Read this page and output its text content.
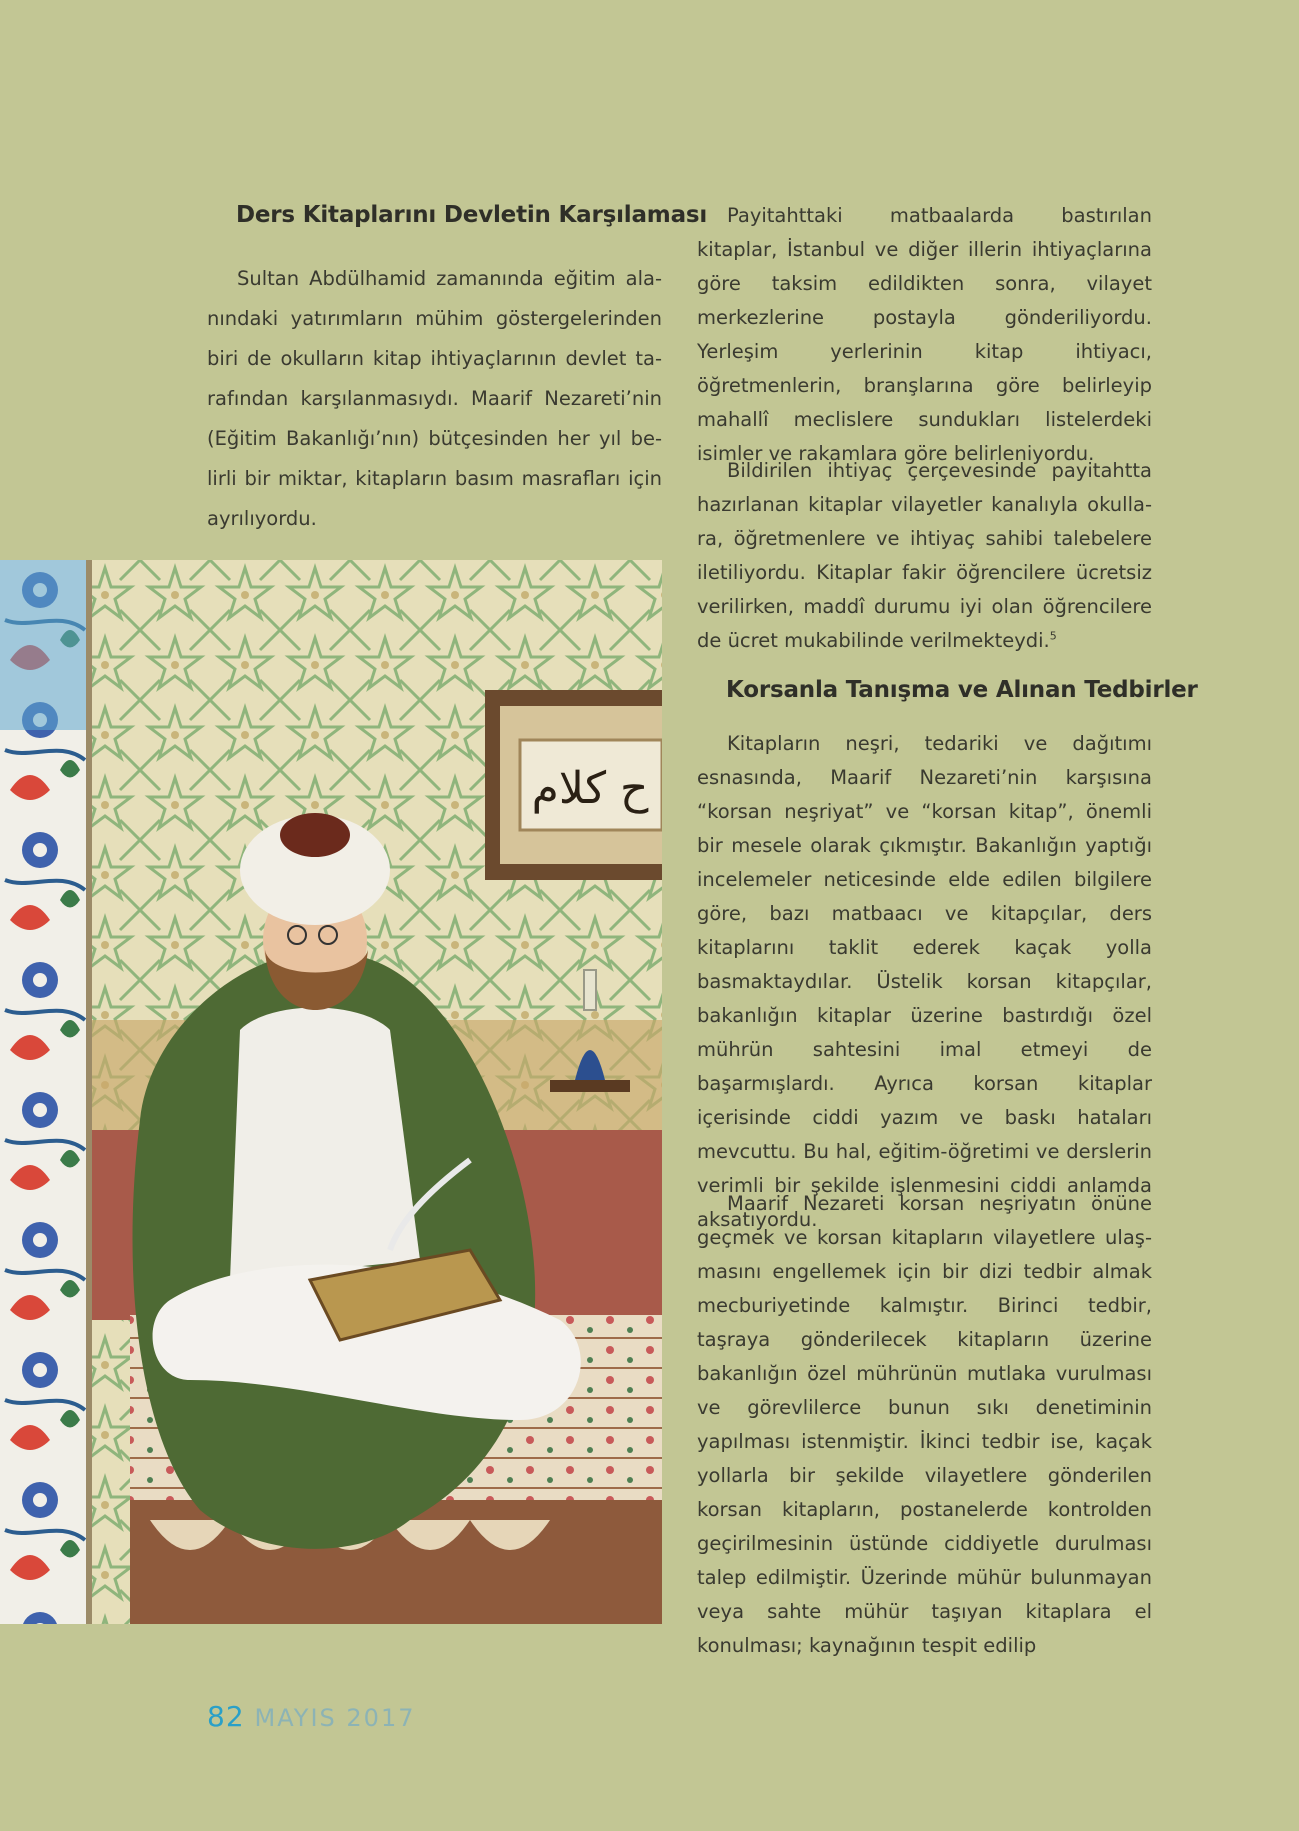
Ders Kitaplarını Devletin Karşılaması

Sultan Abdülhamid zamanında eğitim alanındaki yatırımların mühim göstergelerinden biri de okulların kitap ihtiyaçlarının devlet tarafından karşılanmasıydı. Maarif Nezareti’nin (Eğitim Bakanlığı’nın) bütçesinden her yıl belirli bir miktar, kitapların basım masrafları için ayrılıyordu.

Payitahttaki matbaalarda bastırılan kitaplar, İstanbul ve diğer illerin ihtiyaçlarına göre taksim edildikten sonra, vilayet merkezlerine postayla gönderiliyordu. Yerleşim yerlerinin kitap ihtiyacı, öğretmenlerin, branşlarına göre belirleyip mahallî meclislere sundukları listelerdeki isimler ve rakamlara göre belirleniyordu.

Bildirilen ihtiyaç çerçevesinde payitahtta hazırlanan kitaplar vilayetler kanalıyla okullara, öğretmenlere ve ihtiyaç sahibi talebelere iletiliyordu. Kitaplar fakir öğrencilere ücretsiz verilirken, maddî durumu iyi olan öğrencilere de ücret mukabilinde verilmekteydi.$^5$

Korsanla Tanışma ve Alınan Tedbirler

Kitapların neşri, tedariki ve dağıtımı esnasında, Maarif Nezareti’nin karşısına “korsan neşriyat” ve “korsan kitap”, önemli bir mesele olarak çıkmıştır. Bakanlığın yaptığı incelemeler neticesinde elde edilen bilgilere göre, bazı matbaacı ve kitapçılar, ders kitaplarını taklit ederek kaçak yolla basmaktaydılar. Üstelik korsan kitapçılar, bakanlığın kitaplar üzerine bastırdığı özel mührün sahtesini imal etmeyi de başarmışlardı. Ayrıca korsan kitaplar içerisinde ciddi yazım ve baskı hataları mevcuttu. Bu hal, eğitim-öğretimi ve derslerin verimli bir şekilde işlenmesini ciddi anlamda aksatıyordu.

Maarif Nezareti korsan neşriyatın önüne geçmek ve korsan kitapların vilayetlere ulaşmasını engellemek için bir dizi tedbir almak mecburiyetinde kalmıştır. Birinci tedbir, taşraya gönderilecek kitapların üzerine bakanlığın özel mührünün mutlaka vurulması ve görevlilerce bunun sıkı denetiminin yapılması istenmiştir. İkinci tedbir ise, kaçak yollarla bir şekilde vilayetlere gönderilen korsan kitapların, postanelerde kontrolden geçirilmesinin üstünde ciddiyetle durulması talep edilmiştir. Üzerinde mühür bulunmayan veya sahte mühür taşıyan kitaplara el konulması; kaynağının tespit edilip

ح کلام
82 MAYIS 2017
